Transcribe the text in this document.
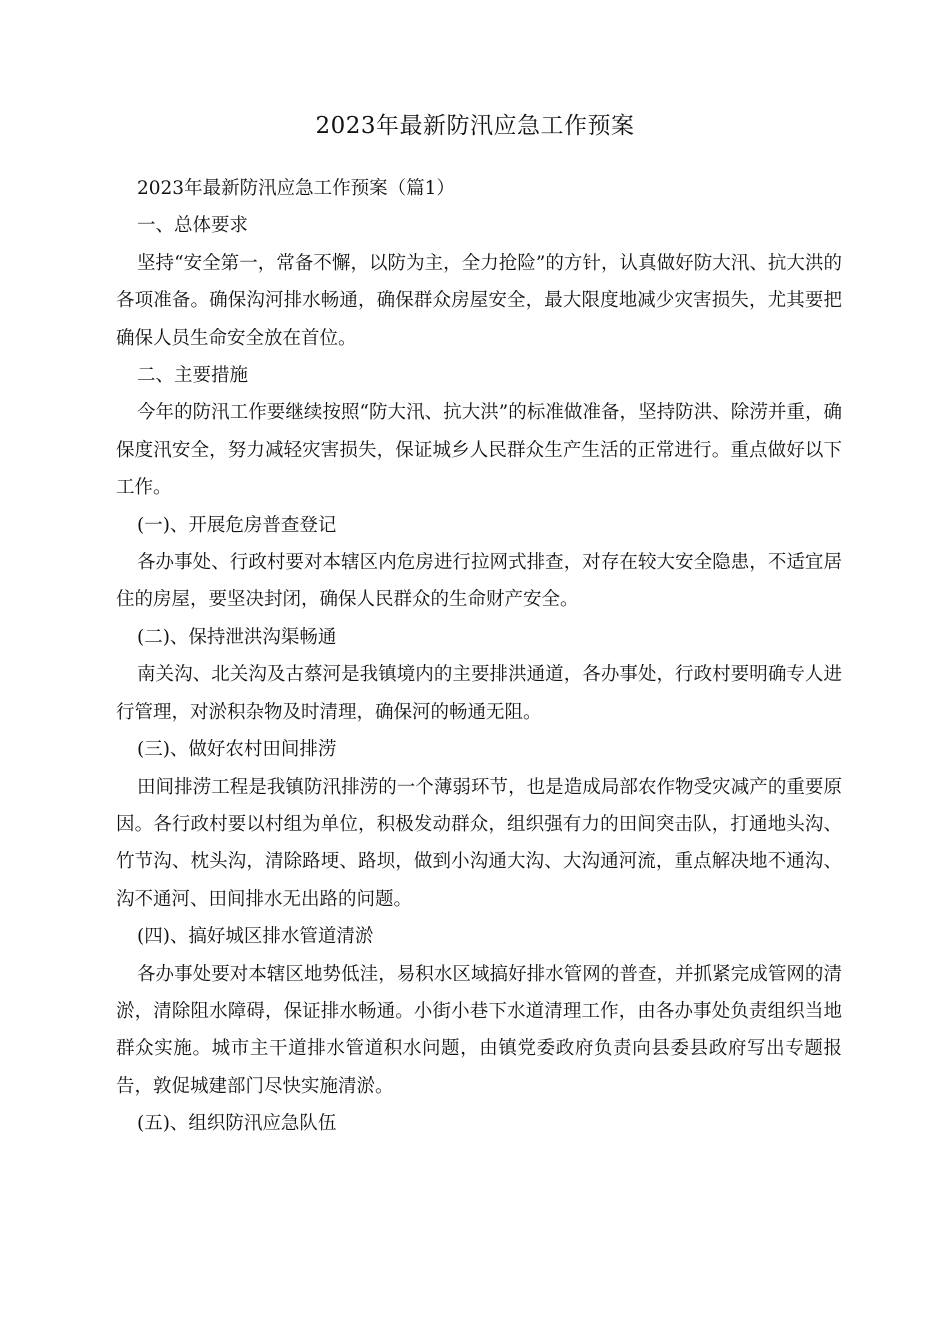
2023年最新防汛应急工作预案

2023年最新防汛应急工作预案（篇1）

一、总体要求

坚持“安全第一，常备不懈，以防为主，全力抢险”的方针，认真做好防大汛、抗大洪的各项准备。确保沟河排水畅通，确保群众房屋安全，最大限度地减少灾害损失，尤其要把确保人员生命安全放在首位。

二、主要措施

今年的防汛工作要继续按照“防大汛、抗大洪”的标准做准备，坚持防洪、除涝并重，确保度汛安全，努力减轻灾害损失，保证城乡人民群众生产生活的正常进行。重点做好以下工作。

(一)、开展危房普查登记

各办事处、行政村要对本辖区内危房进行拉网式排查，对存在较大安全隐患，不适宜居住的房屋，要坚决封闭，确保人民群众的生命财产安全。

(二)、保持泄洪沟渠畅通

南关沟、北关沟及古蔡河是我镇境内的主要排洪通道，各办事处，行政村要明确专人进行管理，对淤积杂物及时清理，确保河的畅通无阻。

(三)、做好农村田间排涝

田间排涝工程是我镇防汛排涝的一个薄弱环节，也是造成局部农作物受灾减产的重要原因。各行政村要以村组为单位，积极发动群众，组织强有力的田间突击队，打通地头沟、竹节沟、枕头沟，清除路埂、路坝，做到小沟通大沟、大沟通河流，重点解决地不通沟、沟不通河、田间排水无出路的问题。

(四)、搞好城区排水管道清淤

各办事处要对本辖区地势低洼，易积水区域搞好排水管网的普查，并抓紧完成管网的清淤，清除阻水障碍，保证排水畅通。小街小巷下水道清理工作，由各办事处负责组织当地群众实施。城市主干道排水管道积水问题，由镇党委政府负责向县委县政府写出专题报告，敦促城建部门尽快实施清淤。

(五)、组织防汛应急队伍
